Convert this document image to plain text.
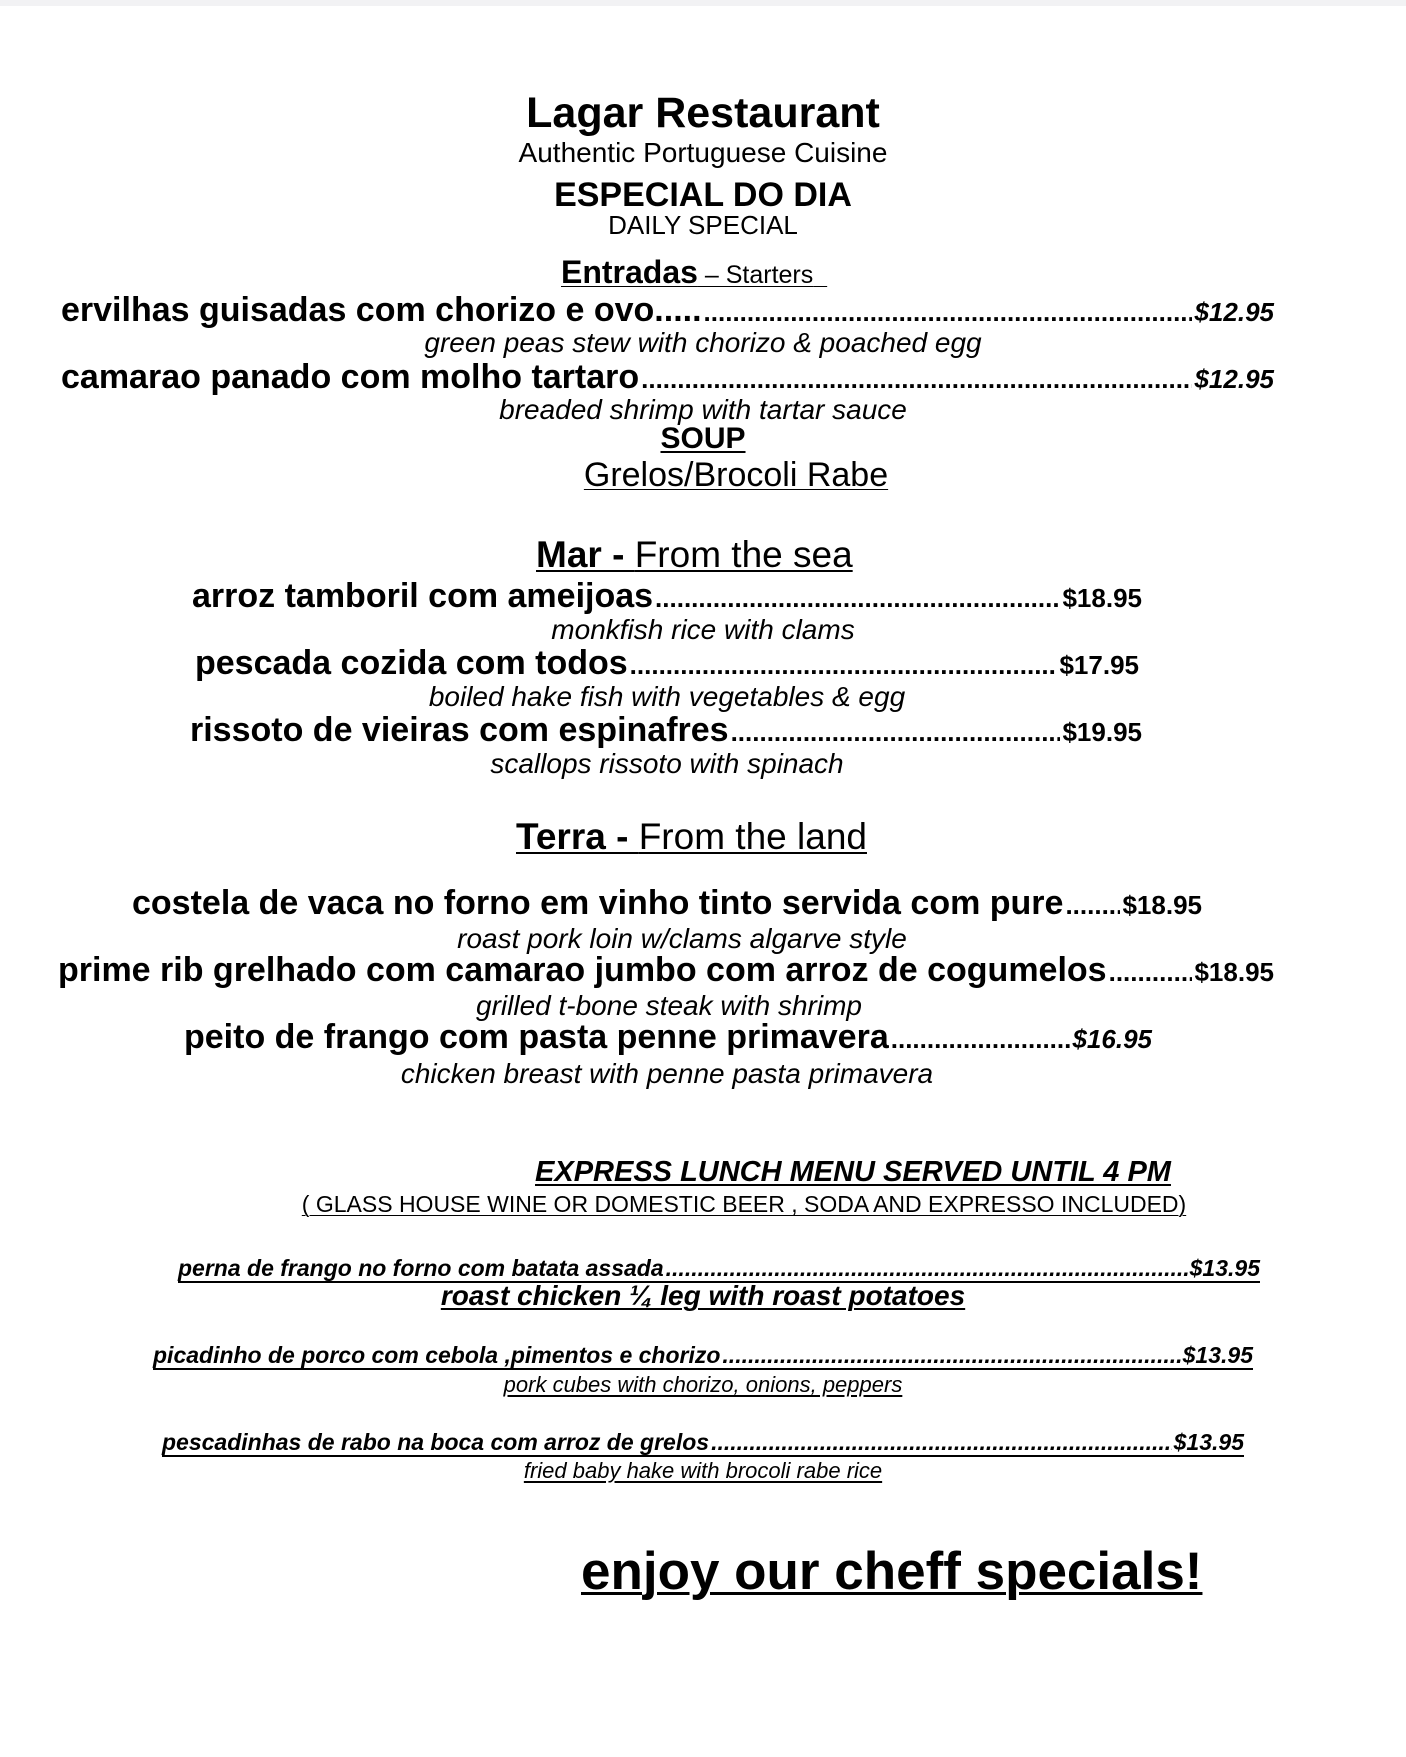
Lagar Restaurant
Authentic Portuguese Cuisine
ESPECIAL DO DIA
DAILY SPECIAL
Entradas – Starters
ervilhas guisadas com chorizo e ovo..... .....	$12.95
green peas stew with chorizo & poached egg
camarao panado com molho tartaro .....	$12.95
breaded shrimp with tartar sauce
SOUP
Grelos/Brocoli Rabe
Mar - From the sea
arroz tamboril com ameijoas .....	$18.95
monkfish rice with clams
pescada cozida com todos .....	$17.95
boiled hake fish with vegetables & egg
rissoto de vieiras com espinafres .....	$19.95
scallops rissoto with spinach
Terra - From the land
costela de vaca no forno em vinho tinto servida com pure ..... $18.95
roast pork loin w/clams algarve style
prime rib grelhado com camarao jumbo com arroz de cogumelos .....	$18.95
grilled t-bone steak with shrimp
peito de frango com pasta penne primavera .....	$16.95
chicken breast with penne pasta primavera
EXPRESS LUNCH MENU SERVED UNTIL 4 PM
( GLASS HOUSE WINE OR DOMESTIC BEER , SODA AND EXPRESSO INCLUDED)
perna de frango no forno com batata assada .....	$13.95
roast chicken ¼ leg with roast potatoes
picadinho de porco com cebola ,pimentos e chorizo .....	$13.95
pork cubes with chorizo, onions, peppers
pescadinhas de rabo na boca com arroz de grelos .....	$13.95
fried baby hake with brocoli rabe rice
enjoy our cheff specials!
